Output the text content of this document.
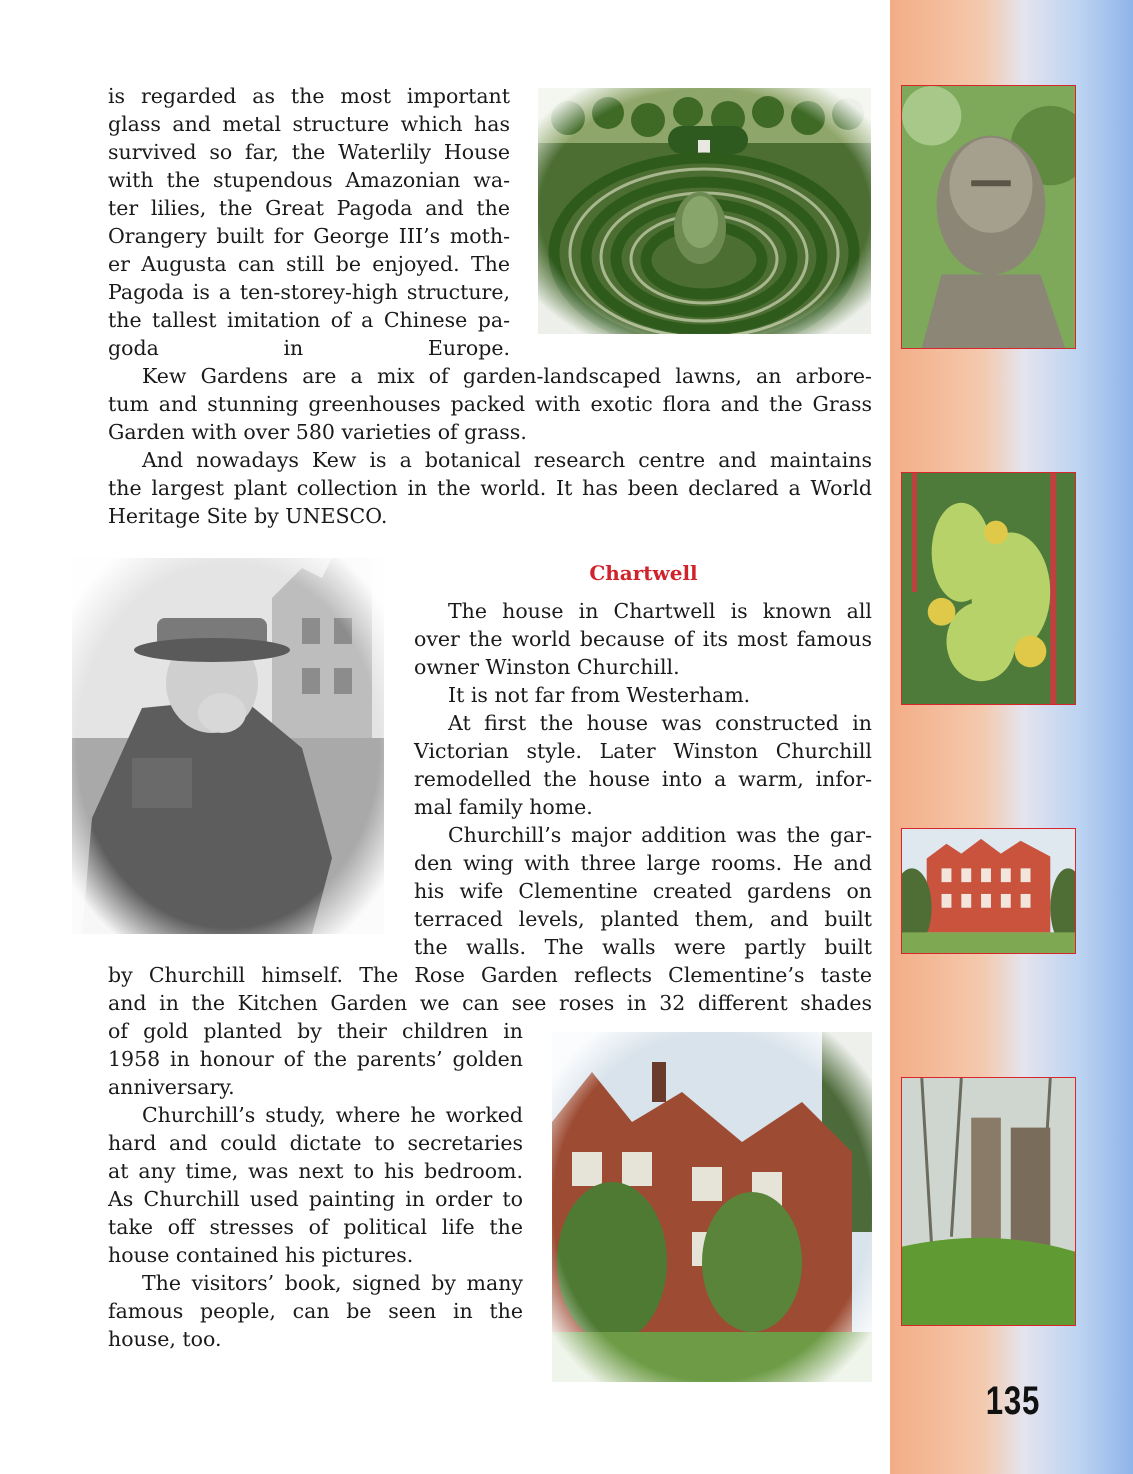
is regarded as the most important
glass and metal structure which has
survived so far, the Waterlily House
with the stupendous Amazonian wa-
ter lilies, the Great Pagoda and the
Orangery built for George III’s moth-
er Augusta can still be enjoyed. The
Pagoda is a ten-storey-high structure,
the tallest imitation of a Chinese pa-
goda in Europe.
Kew Gardens are a mix of garden-landscaped lawns, an arbore-
tum and stunning greenhouses packed with exotic flora and the Grass
Garden with over 580 varieties of grass.
And nowadays Kew is a botanical research centre and maintains
the largest plant collection in the world. It has been declared a World
Heritage Site by UNESCO.
Chartwell
The house in Chartwell is known all
over the world because of its most famous
owner Winston Churchill.
It is not far from Westerham.
At first the house was constructed in
Victorian style. Later Winston Churchill
remodelled the house into a warm, infor-
mal family home.
Churchill’s major addition was the gar-
den wing with three large rooms. He and
his wife Clementine created gardens on
terraced levels, planted them, and built
the walls. The walls were partly built
by Churchill himself. The Rose Garden reflects Clementine’s taste
and in the Kitchen Garden we can see roses in 32 different shades
of gold planted by their children in
1958 in honour of the parents’ golden
anniversary.
Churchill’s study, where he worked
hard and could dictate to secretaries
at any time, was next to his bedroom.
As Churchill used painting in order to
take off stresses of political life the
house contained his pictures.
The visitors’ book, signed by many
famous people, can be seen in the
house, too.
135
